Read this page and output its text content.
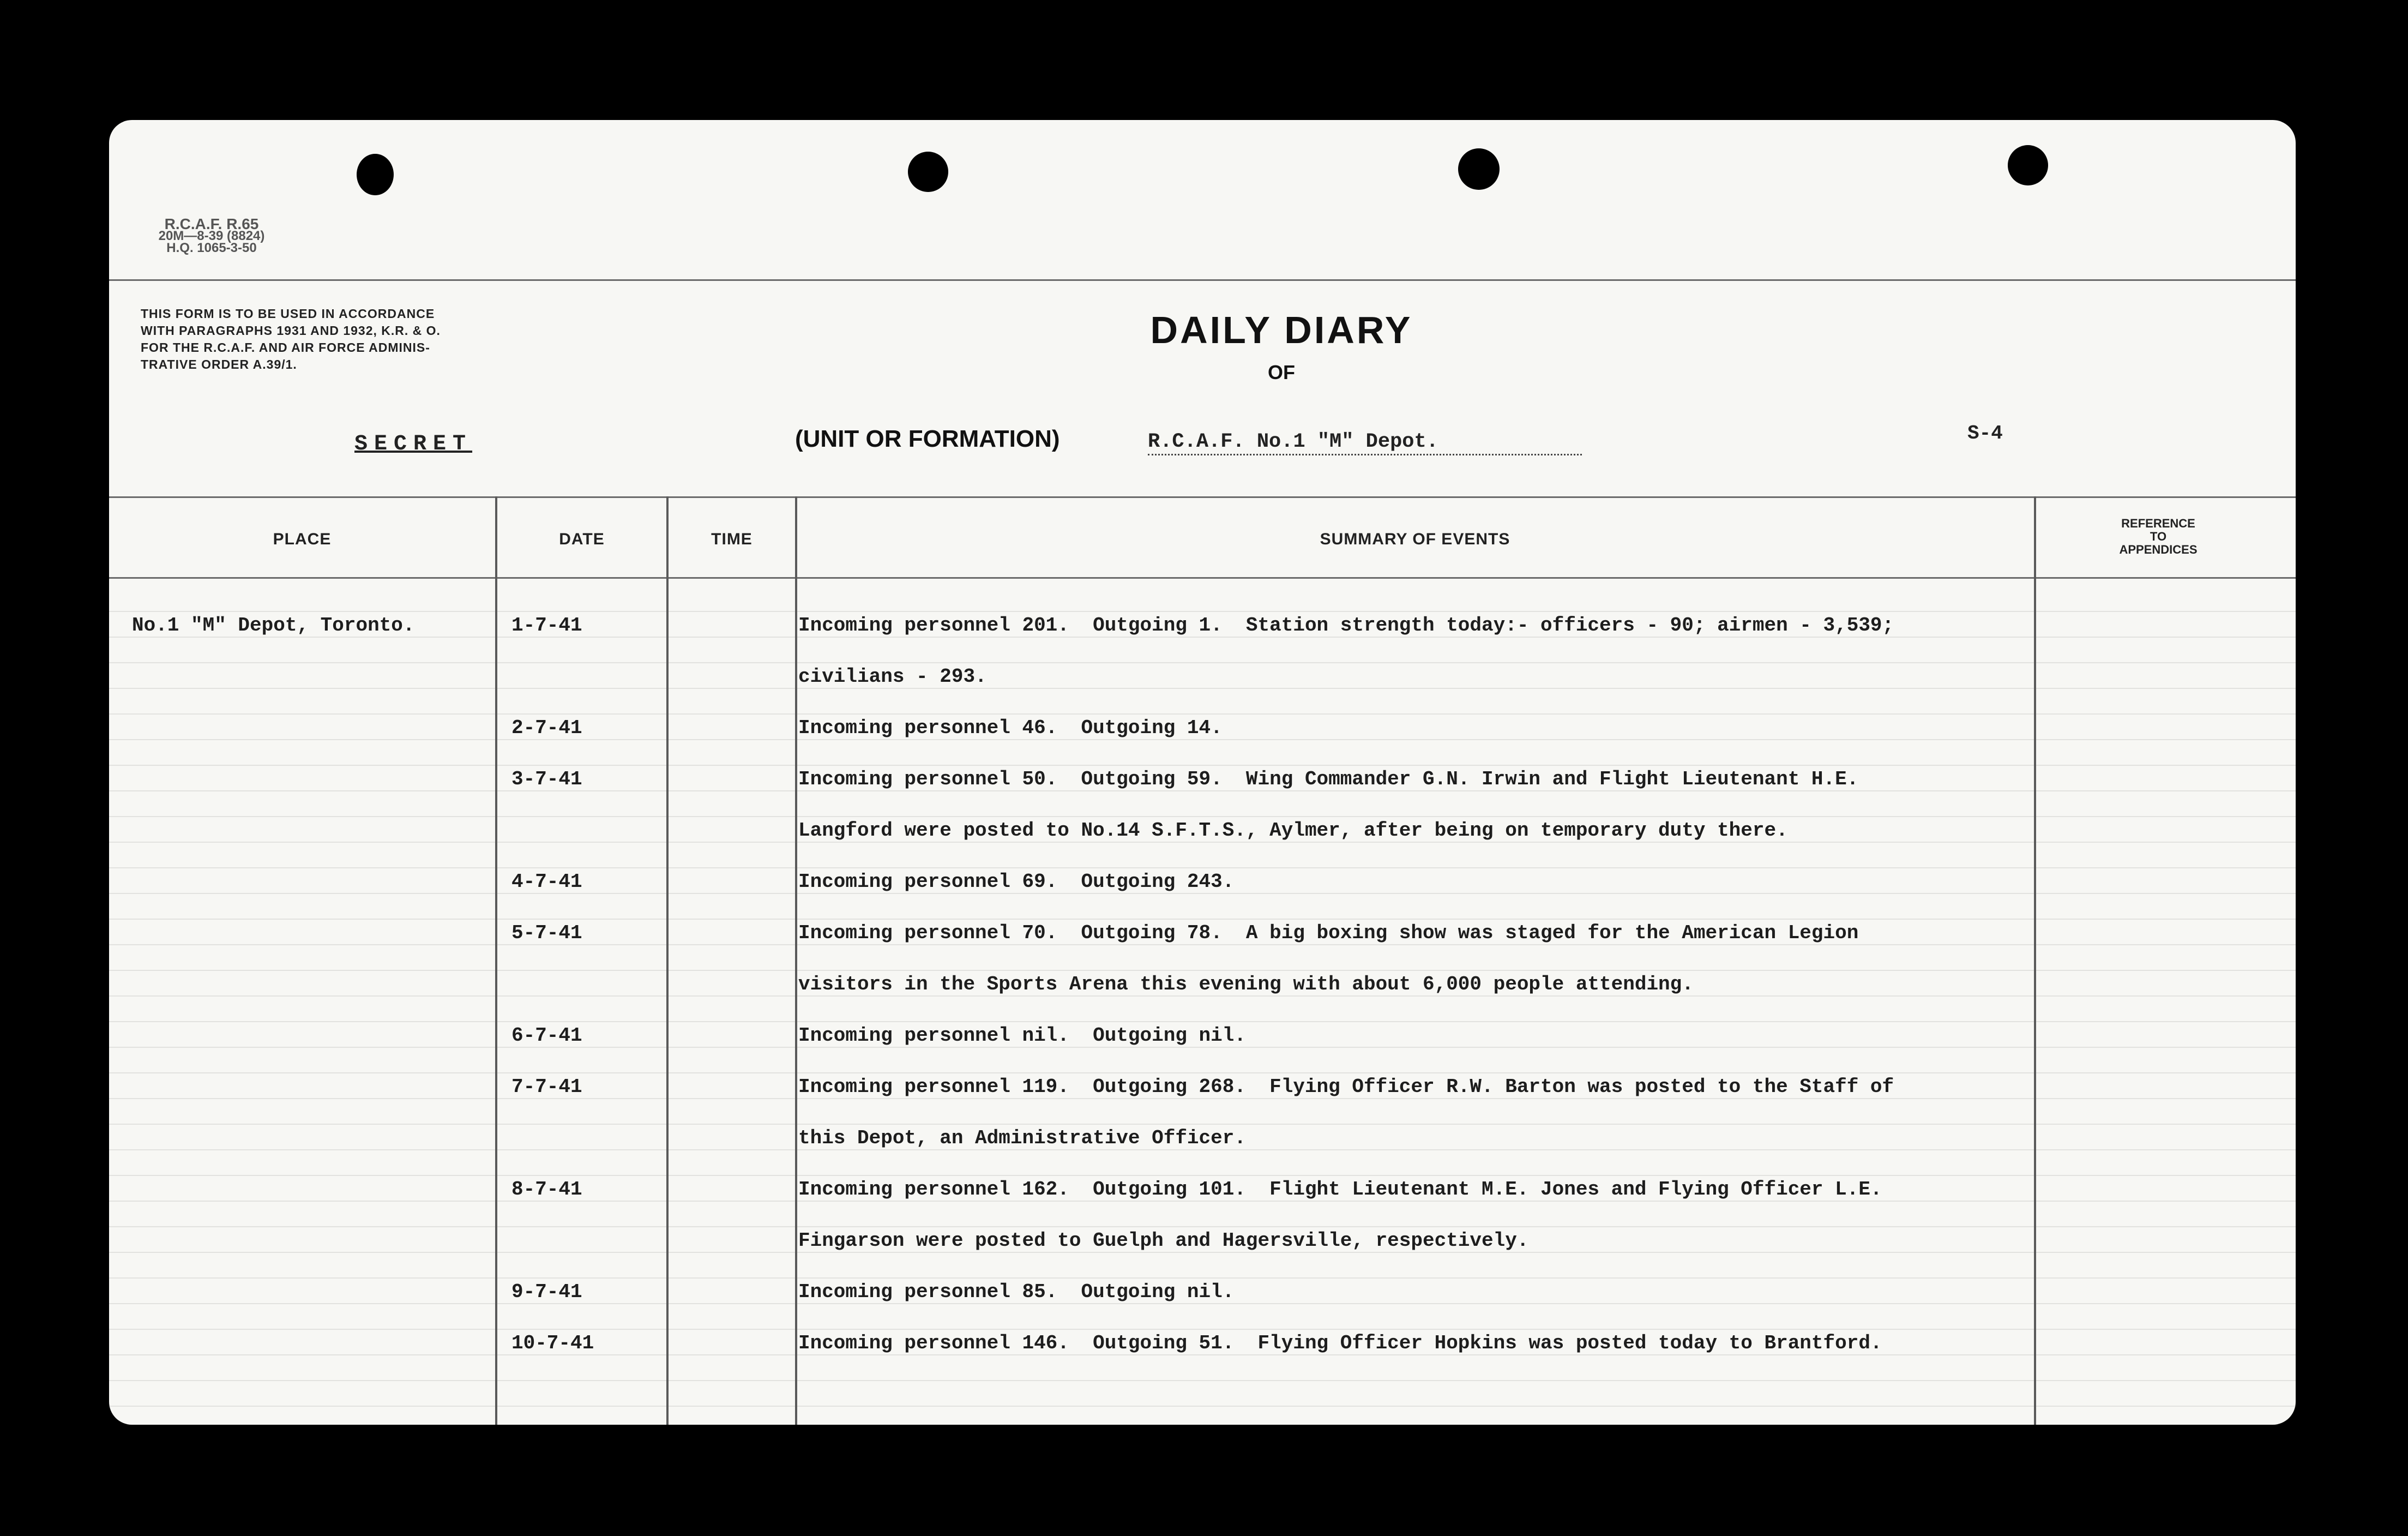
R.C.A.F. R.65
20M—8-39 (8824)
H.Q. 1065-3-50
THIS FORM IS TO BE USED IN ACCORDANCE
WITH PARAGRAPHS 1931 AND 1932, K.R. & O.
FOR THE R.C.A.F. AND AIR FORCE ADMINIS-
TRATIVE ORDER A.39/1.
DAILY DIARY
OF
SECRET	(UNIT OR FORMATION)	R.C.A.F. No.1 "M" Depot.	S-4
PLACE	DATE	TIME	SUMMARY OF EVENTS
REFERENCE
TO
APPENDICES
No.1 "M" Depot, Toronto.	1-7-41	Incoming personnel 201.  Outgoing 1.  Station strength today:- officers - 90; airmen - 3,539;
civilians - 293.
2-7-41	Incoming personnel 46.  Outgoing 14.
3-7-41	Incoming personnel 50.  Outgoing 59.  Wing Commander G.N. Irwin and Flight Lieutenant H.E.
Langford were posted to No.14 S.F.T.S., Aylmer, after being on temporary duty there.
4-7-41	Incoming personnel 69.  Outgoing 243.
5-7-41	Incoming personnel 70.  Outgoing 78.  A big boxing show was staged for the American Legion
visitors in the Sports Arena this evening with about 6,000 people attending.
6-7-41	Incoming personnel nil.  Outgoing nil.
7-7-41	Incoming personnel 119.  Outgoing 268.  Flying Officer R.W. Barton was posted to the Staff of
this Depot, an Administrative Officer.
8-7-41	Incoming personnel 162.  Outgoing 101.  Flight Lieutenant M.E. Jones and Flying Officer L.E.
Fingarson were posted to Guelph and Hagersville, respectively.
9-7-41	Incoming personnel 85.  Outgoing nil.
10-7-41	Incoming personnel 146.  Outgoing 51.  Flying Officer Hopkins was posted today to Brantford.
